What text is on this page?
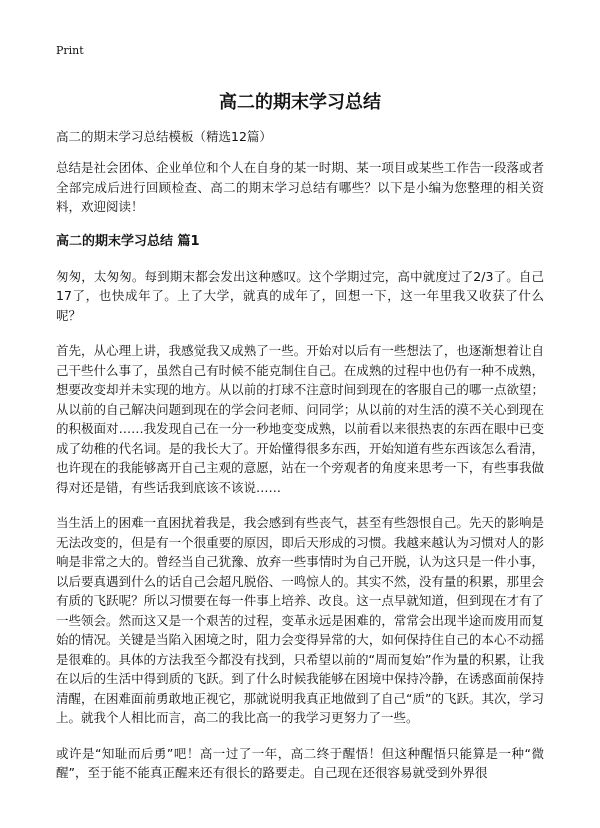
Print

高二的期末学习总结

高二的期末学习总结模板（精选12篇）

总结是社会团体、企业单位和个人在自身的某一时期、某一项目或某些工作告一段落或者全部完成后进行回顾检查、高二的期末学习总结有哪些？以下是小编为您整理的相关资料，欢迎阅读！

高二的期末学习总结 篇1

匆匆，太匆匆。每到期末都会发出这种感叹。这个学期过完，高中就度过了2/3了。自己17了，也快成年了。上了大学，就真的成年了，回想一下，这一年里我又收获了什么呢？

首先，从心理上讲，我感觉我又成熟了一些。开始对以后有一些想法了，也逐渐想着让自己干些什么事了，虽然自己有时候不能克制住自己。在成熟的过程中也仍有一种不成熟，想要改变却并未实现的地方。从以前的打球不注意时间到现在的客服自己的哪一点欲望；从以前的自己解决问题到现在的学会问老师、问同学；从以前的对生活的漠不关心到现在的积极面对……我发现自己在一分一秒地变变成熟，以前看以来很热衷的东西在眼中已变成了幼稚的代名词。是的我长大了。开始懂得很多东西，开始知道有些东西该怎么看清，也许现在的我能够离开自己主观的意愿，站在一个旁观者的角度来思考一下，有些事我做得对还是错，有些话我到底该不该说……

当生活上的困难一直困扰着我是，我会感到有些丧气，甚至有些怨恨自己。先天的影响是无法改变的，但是有一个很重要的原因，即后天形成的习惯。我越来越认为习惯对人的影响是非常之大的。曾经当自己犹豫、放弃一些事情时为自己开脱，认为这只是一件小事，以后要真遇到什么的话自己会超凡脱俗、一鸣惊人的。其实不然，没有量的积累，那里会有质的飞跃呢？所以习惯要在每一件事上培养、改良。这一点早就知道，但到现在才有了一些领会。然而这又是一个艰苦的过程，变革永远是困难的，常常会出现半途而废用而复始的情况。关键是当陷入困境之时，阻力会变得异常的大，如何保持住自己的本心不动摇是很难的。具体的方法我至今都没有找到，只希望以前的“周而复始”作为量的积累，让我在以后的生活中得到质的飞跃。到了什么时候我能够在困境中保持冷静，在诱惑面前保持清醒，在困难面前勇敢地正视它，那就说明我真正地做到了自己“质”的飞跃。其次，学习上。就我个人相比而言，高二的我比高一的我学习更努力了一些。

或许是“知耻而后勇”吧！高一过了一年，高二终于醒悟！但这种醒悟只能算是一种“微醒”，至于能不能真正醒来还有很长的路要走。自己现在还很容易就受到外界很
